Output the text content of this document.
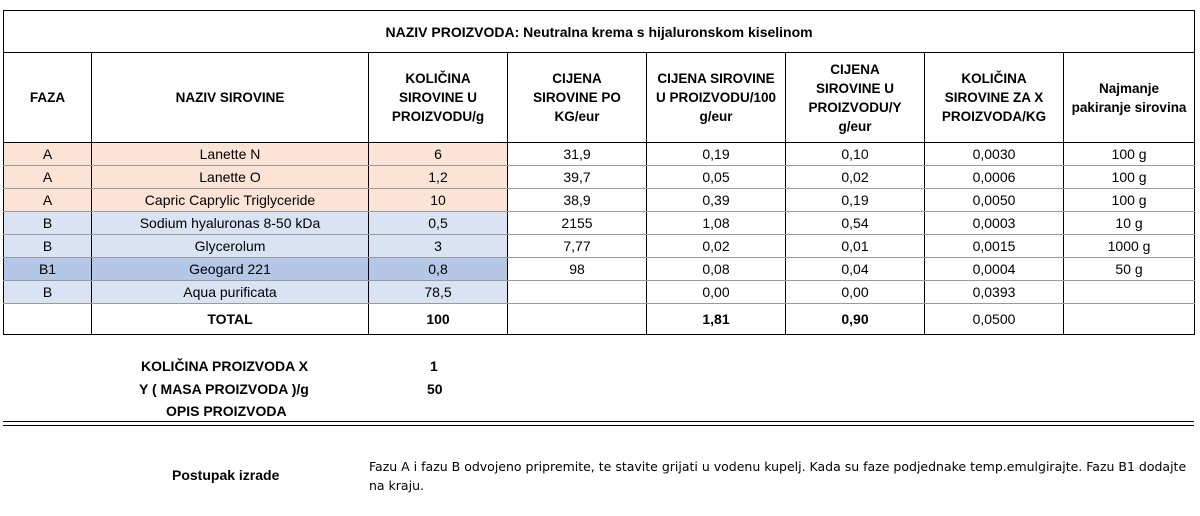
NAZIV PROIZVODA: Neutralna krema s hijaluronskom kiselinom							
FAZA	NAZIV SIROVINE	KOLIČINA SIROVINE U PROIZVODU/g	CIJENA SIROVINE PO KG/eur	CIJENA SIROVINE U PROIZVODU/100 g/eur	CIJENA SIROVINE U PROIZVODU/Y g/eur	KOLIČINA SIROVINE ZA X PROIZVODA/KG	Najmanje pakiranje sirovina
A	Lanette N	6	31,9	0,19	0,10	0,0030	100 g
A	Lanette O	1,2	39,7	0,05	0,02	0,0006	100 g
A	Capric Caprylic Triglyceride	10	38,9	0,39	0,19	0,0050	100 g
B	Sodium hyaluronas 8-50 kDa	0,5	2155	1,08	0,54	0,0003	10 g
B	Glycerolum	3	7,77	0,02	0,01	0,0015	1000 g
B1	Geogard 221	0,8	98	0,08	0,04	0,0004	50 g
B	Aqua purificata	78,5		0,00	0,00	0,0393	
	TOTAL	100		1,81	0,90	0,0500	
KOLIČINA PROIZVODA X	1
Y ( MASA PROIZVODA )/g	50
OPIS PROIZVODA
Postupak izrade
Fazu A i fazu B odvojeno pripremite, te stavite grijati u vodenu kupelj. Kada su faze podjednake temp.emulgirajte. Fazu B1 dodajte na kraju.
